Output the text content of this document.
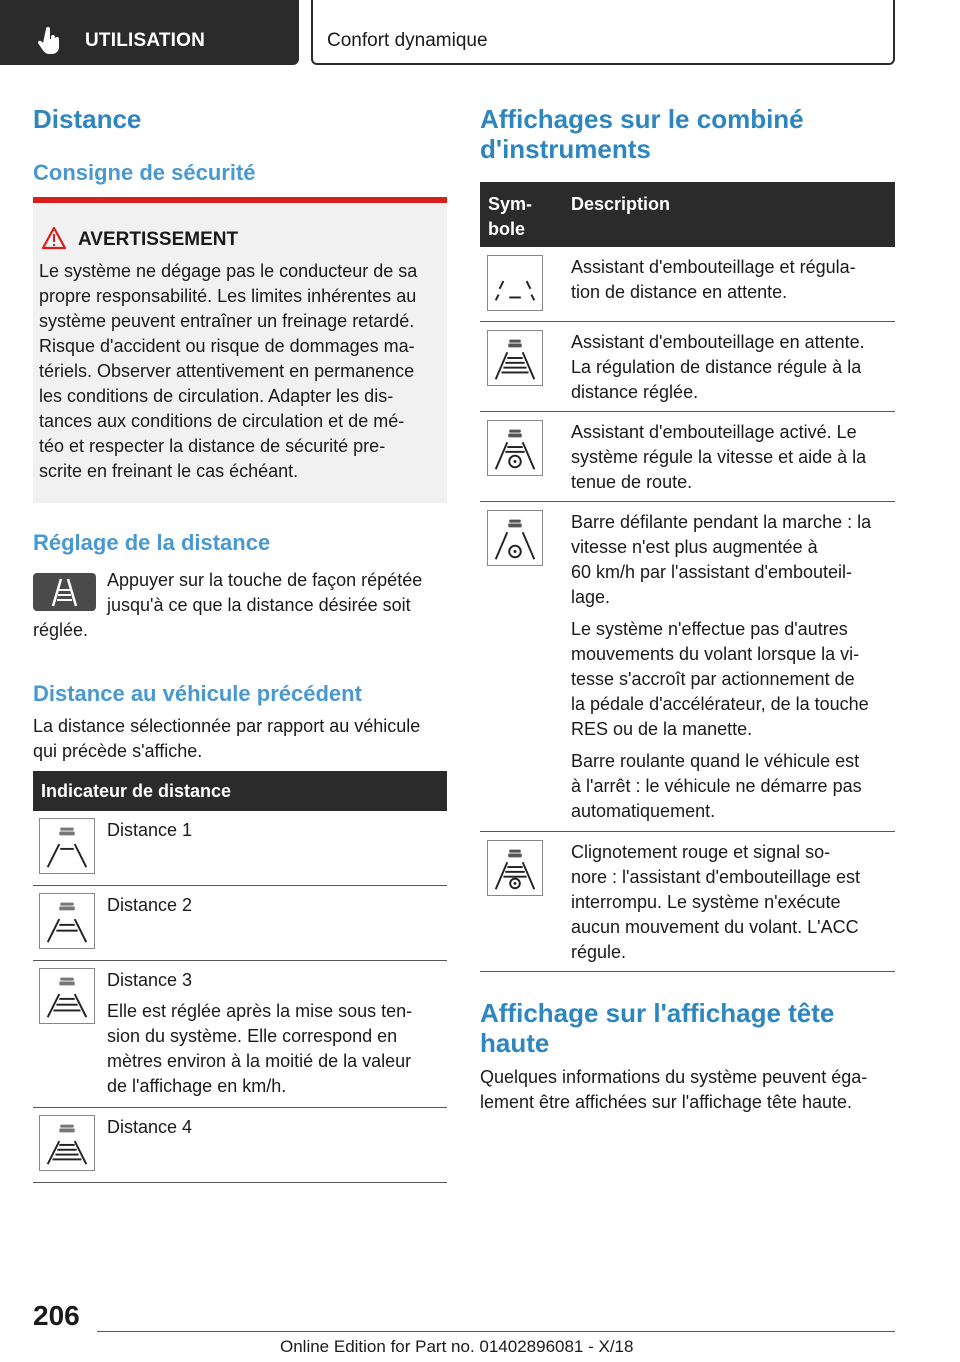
UTILISATION	Confort dynamique
Distance
Consigne de sécurité
AVERTISSEMENT
Le système ne dégage pas le conducteur de sa
propre responsabilité. Les limites inhérentes au
système peuvent entraîner un freinage retardé.
Risque d'accident ou risque de dommages ma-
tériels. Observer attentivement en permanence
les conditions de circulation. Adapter les dis-
tances aux conditions de circulation et de mé-
téo et respecter la distance de sécurité pre-
scrite en freinant le cas échéant.
Réglage de la distance
Appuyer sur la touche de façon répétée
jusqu'à ce que la distance désirée soit
réglée.
Distance au véhicule précédent
La distance sélectionnée par rapport au véhicule
qui précède s'affiche.
Indicateur de distance
Distance 1
Distance 2
Distance 3
Elle est réglée après la mise sous ten-
sion du système. Elle correspond en
mètres environ à la moitié de la valeur
de l'affichage en km/h.
Distance 4
Affichages sur le combiné
d'instruments
Sym-
bole
Description
Assistant d'embouteillage et régula-
tion de distance en attente.
Assistant d'embouteillage en attente.
La régulation de distance régule à la
distance réglée.
Assistant d'embouteillage activé. Le
système régule la vitesse et aide à la
tenue de route.
Barre défilante pendant la marche : la
vitesse n'est plus augmentée à
60 km/h par l'assistant d'embouteil-
lage.
Le système n'effectue pas d'autres
mouvements du volant lorsque la vi-
tesse s'accroît par actionnement de
la pédale d'accélérateur, de la touche
RES ou de la manette.
Barre roulante quand le véhicule est
à l'arrêt : le véhicule ne démarre pas
automatiquement.
Clignotement rouge et signal so-
nore : l'assistant d'embouteillage est
interrompu. Le système n'exécute
aucun mouvement du volant. L'ACC
régule.
Affichage sur l'affichage tête
haute
Quelques informations du système peuvent éga-
lement être affichées sur l'affichage tête haute.
206
Online Edition for Part no. 01402896081 - X/18
